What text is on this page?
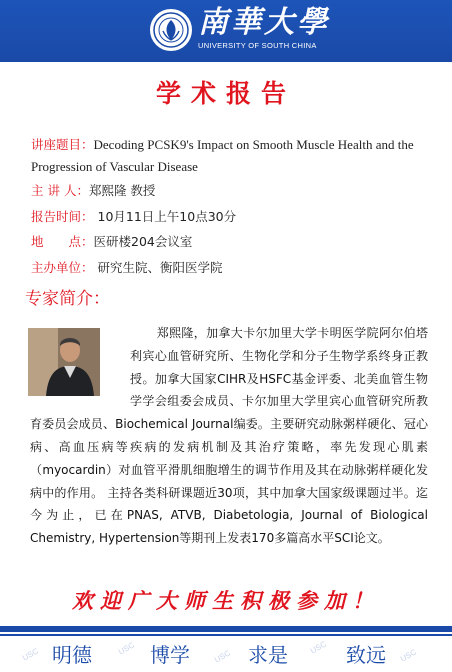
南華大學
UNIVERSITY OF SOUTH CHINA
学术报告
讲座题目：Decoding PCSK9's Impact on Smooth Muscle Health and the Progression of Vascular Disease
主 讲 人：郑熙隆 教授
报告时间： 10月11日上午10点30分
地　　点：医研楼204会议室
主办单位： 研究生院、衡阳医学院
专家简介：
郑熙隆，加拿大卡尔加里大学卡明医学院阿尔伯塔利宾心血管研究所、生物化学和分子生物学系终身正教授。加拿大国家CIHR及HSFC基金评委、北美血管生物学学会组委会成员、卡尔加里大学里宾心血管研究所教育委员会成员、Biochemical Journal编委。主要研究动脉粥样硬化、冠心病、高血压病等疾病的发病机制及其治疗策略，率先发现心肌素（myocardin）对血管平滑肌细胞增生的调节作用及其在动脉粥样硬化发病中的作用。 主持各类科研课题近30项，其中加拿大国家级课题过半。迄今为止，已在PNAS, ATVB, Diabetologia, Journal of Biological Chemistry, Hypertension等期刊上发表170多篇高水平SCI论文。
欢迎广大师生积极参加！
USC	USC	USC
USC	USC
明德	博学	求是	致远
